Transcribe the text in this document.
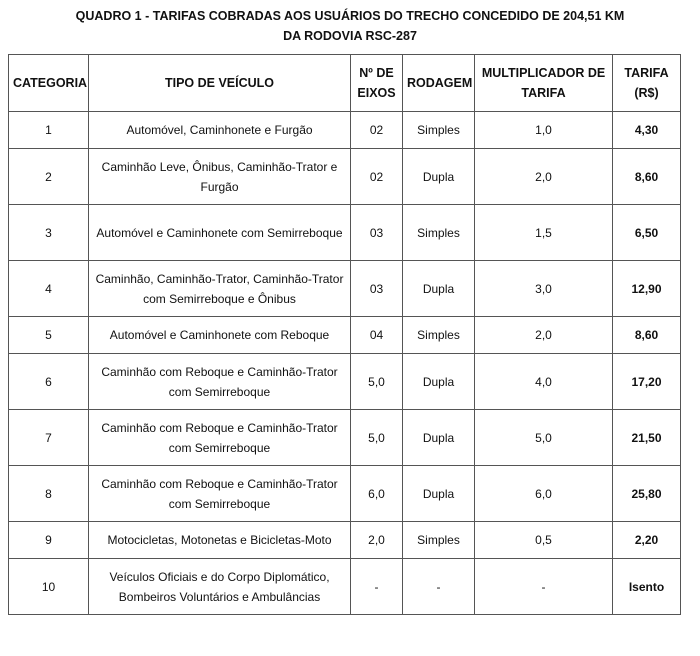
QUADRO 1 - TARIFAS COBRADAS AOS USUÁRIOS DO TRECHO CONCEDIDO DE 204,51 KM
DA RODOVIA RSC-287
CATEGORIA	TIPO DE VEÍCULO	Nº DE EIXOS	RODAGEM	MULTIPLICADOR DE TARIFA	TARIFA (R$)
1	Automóvel, Caminhonete e Furgão	02	Simples	1,0	4,30
2	Caminhão Leve, Ônibus, Caminhão-Trator e Furgão	02	Dupla	2,0	8,60
3	Automóvel e Caminhonete com Semirreboque	03	Simples	1,5	6,50
4	Caminhão, Caminhão-Trator, Caminhão-Trator com Semirreboque e Ônibus	03	Dupla	3,0	12,90
5	Automóvel e Caminhonete com Reboque	04	Simples	2,0	8,60
6	Caminhão com Reboque e Caminhão-Trator com Semirreboque	5,0	Dupla	4,0	17,20
7	Caminhão com Reboque e Caminhão-Trator com Semirreboque	5,0	Dupla	5,0	21,50
8	Caminhão com Reboque e Caminhão-Trator com Semirreboque	6,0	Dupla	6,0	25,80
9	Motocicletas, Motonetas e Bicicletas-Moto	2,0	Simples	0,5	2,20
10	Veículos Oficiais e do Corpo Diplomático, Bombeiros Voluntários e Ambulâncias	-	-	-	Isento
